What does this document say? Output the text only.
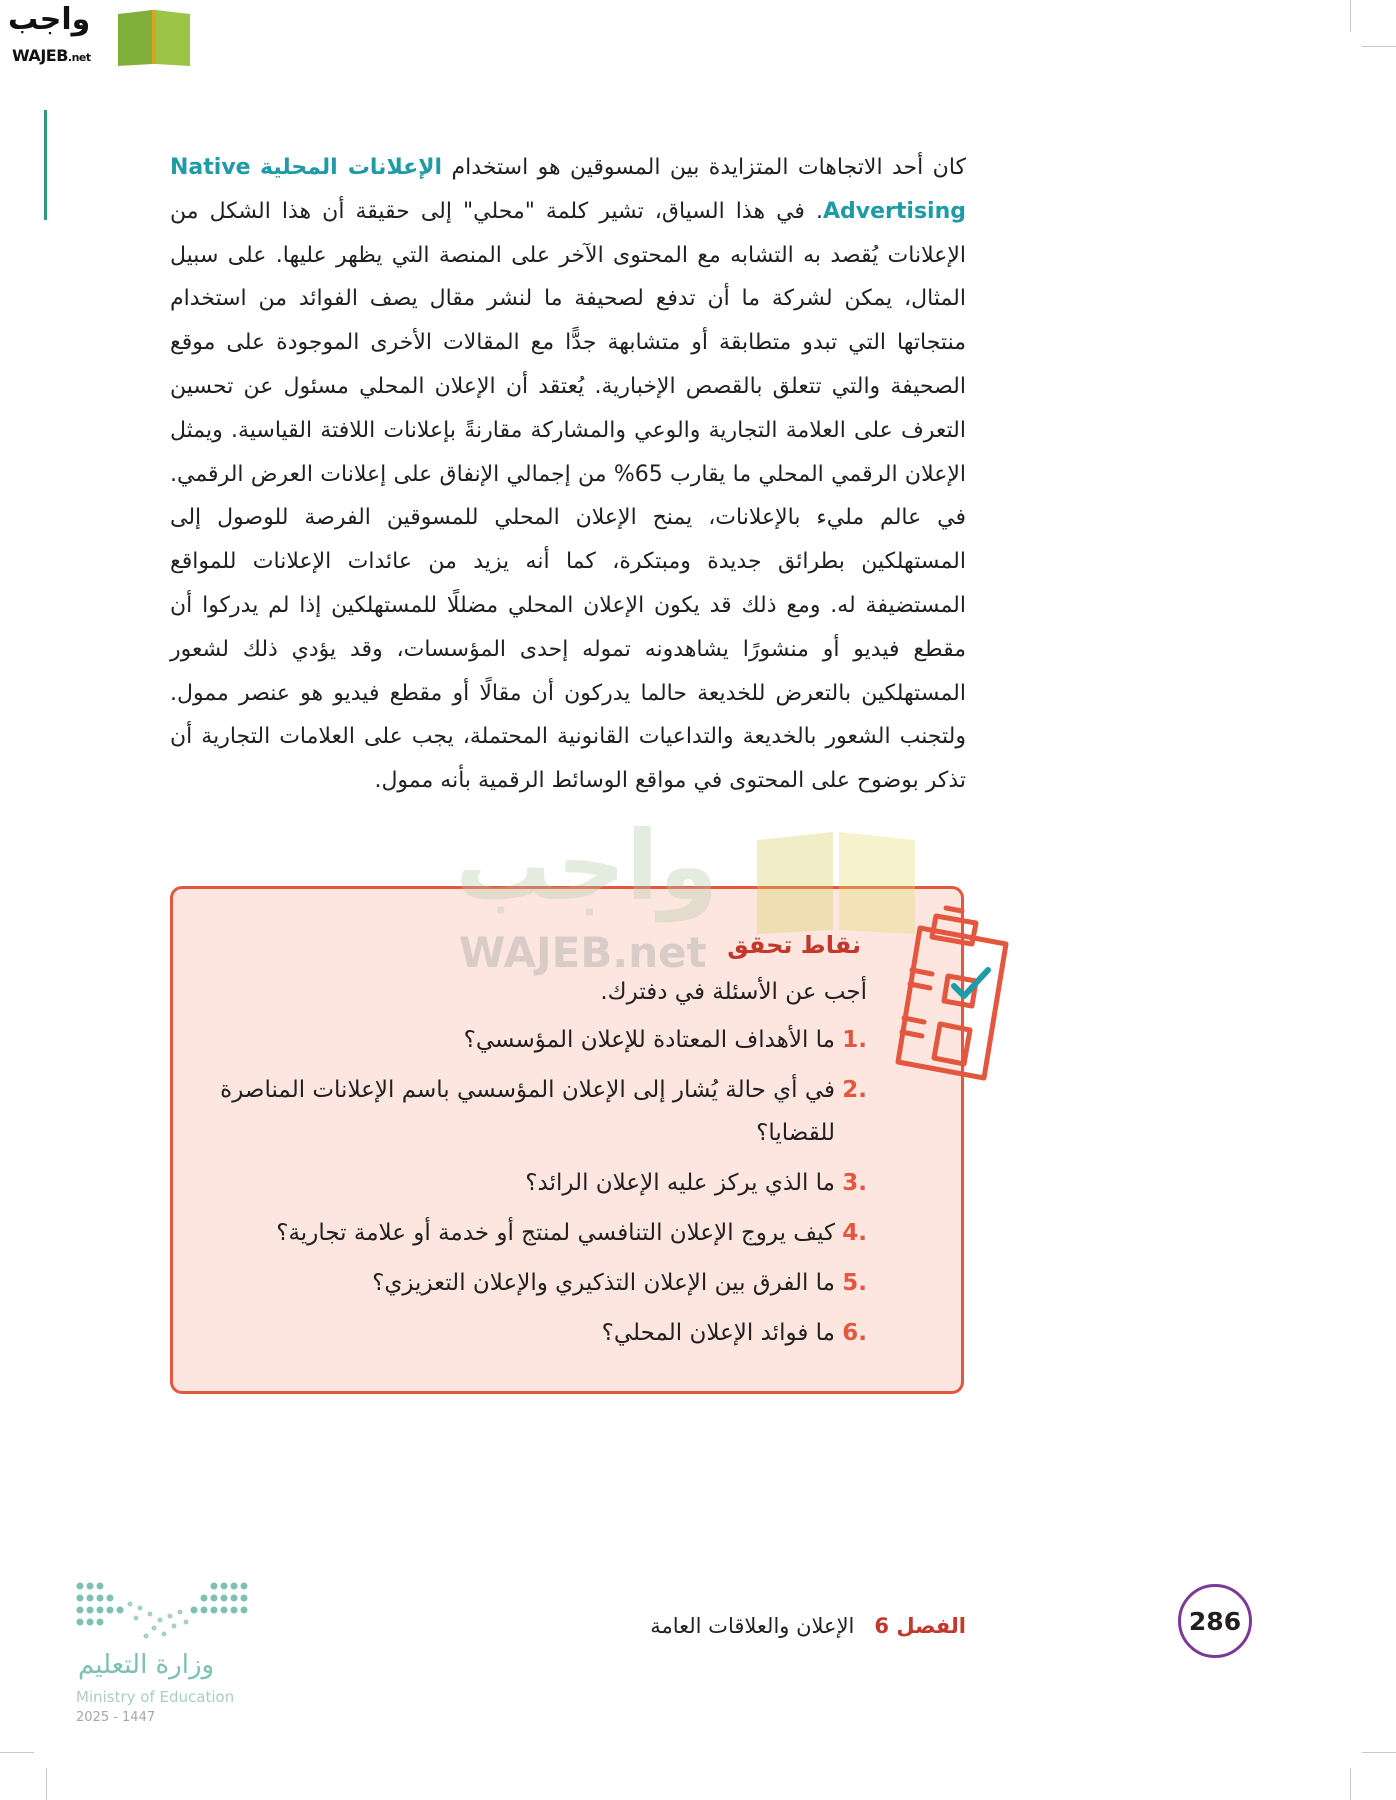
واجب
WAJEB.net
كان أحد الاتجاهات المتزايدة بين المسوقين هو استخدام الإعلانات المحلية Native Advertising. في هذا السياق، تشير كلمة "محلي" إلى حقيقة أن هذا الشكل من الإعلانات يُقصد به التشابه مع المحتوى الآخر على المنصة التي يظهر عليها. على سبيل المثال، يمكن لشركة ما أن تدفع لصحيفة ما لنشر مقال يصف الفوائد من استخدام منتجاتها التي تبدو متطابقة أو متشابهة جدًّا مع المقالات الأخرى الموجودة على موقع الصحيفة والتي تتعلق بالقصص الإخبارية. يُعتقد أن الإعلان المحلي مسئول عن تحسين التعرف على العلامة التجارية والوعي والمشاركة مقارنةً بإعلانات اللافتة القياسية. ويمثل الإعلان الرقمي المحلي ما يقارب 65% من إجمالي الإنفاق على إعلانات العرض الرقمي. في عالم مليء بالإعلانات، يمنح الإعلان المحلي للمسوقين الفرصة للوصول إلى المستهلكين بطرائق جديدة ومبتكرة، كما أنه يزيد من عائدات الإعلانات للمواقع المستضيفة له. ومع ذلك قد يكون الإعلان المحلي مضللًا للمستهلكين إذا لم يدركوا أن مقطع فيديو أو منشورًا يشاهدونه تموله إحدى المؤسسات، وقد يؤدي ذلك لشعور المستهلكين بالتعرض للخديعة حالما يدركون أن مقالًا أو مقطع فيديو هو عنصر ممول. ولتجنب الشعور بالخديعة والتداعيات القانونية المحتملة، يجب على العلامات التجارية أن تذكر بوضوح على المحتوى في مواقع الوسائط الرقمية بأنه ممول.
نقاط تحقق
أجب عن الأسئلة في دفترك.
.1
ما الأهداف المعتادة للإعلان المؤسسي؟
.2
في أي حالة يُشار إلى الإعلان المؤسسي باسم الإعلانات المناصرة للقضايا؟
.3
ما الذي يركز عليه الإعلان الرائد؟
.4
كيف يروج الإعلان التنافسي لمنتج أو خدمة أو علامة تجارية؟
.5
ما الفرق بين الإعلان التذكيري والإعلان التعزيزي؟
.6
ما فوائد الإعلان المحلي؟
واجب
WAJEB.net
الفصل 6   الإعلان والعلاقات العامة	286
وزارة التعليم
Ministry of Education
2025 - 1447
